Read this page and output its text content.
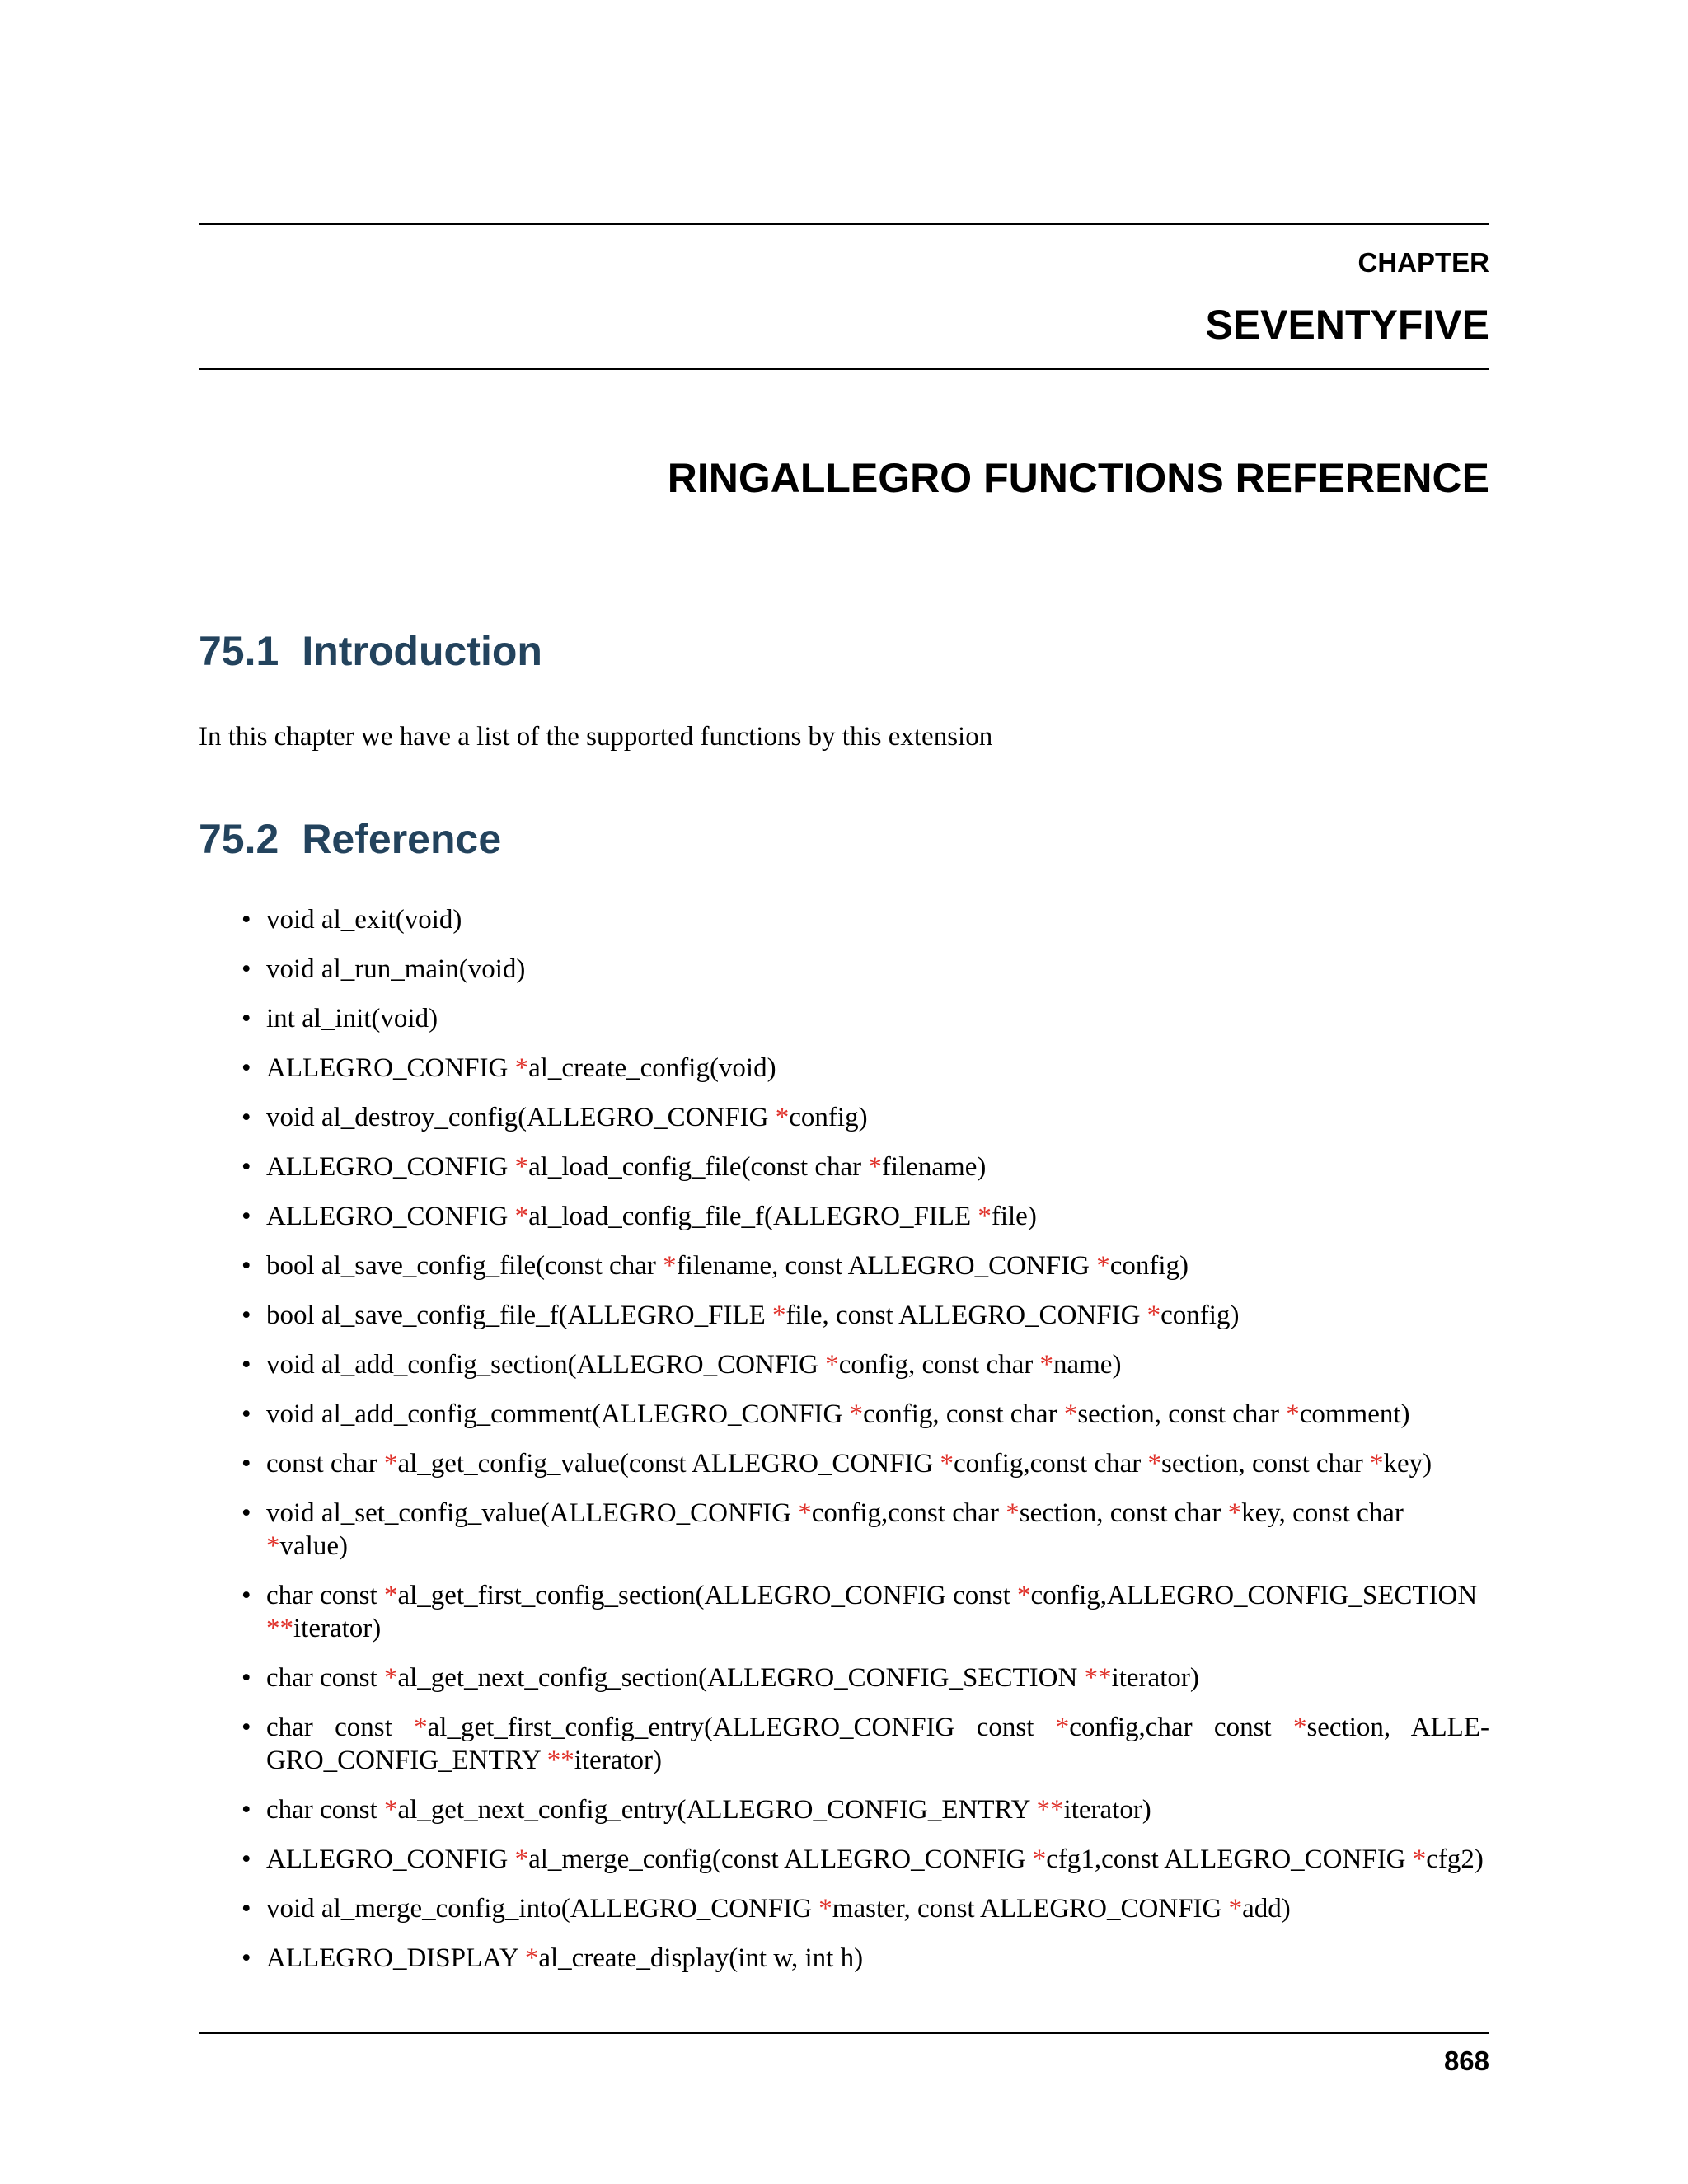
CHAPTER

SEVENTYFIVE

RINGALLEGRO FUNCTIONS REFERENCE
75.1 Introduction

In this chapter we have a list of the supported functions by this extension

75.2 Reference
• void al_exit(void)
• void al_run_main(void)
• int al_init(void)
• ALLEGRO_CONFIG *al_create_config(void)
• void al_destroy_config(ALLEGRO_CONFIG *config)
• ALLEGRO_CONFIG *al_load_config_file(const char *filename)
• ALLEGRO_CONFIG *al_load_config_file_f(ALLEGRO_FILE *file)
• bool al_save_config_file(const char *filename, const ALLEGRO_CONFIG *config)
• bool al_save_config_file_f(ALLEGRO_FILE *file, const ALLEGRO_CONFIG *config)
• void al_add_config_section(ALLEGRO_CONFIG *config, const char *name)
• void al_add_config_comment(ALLEGRO_CONFIG *config, const char *section, const char *comment)
• const char *al_get_config_value(const ALLEGRO_CONFIG *config,const char *section, const char *key)
• void al_set_config_value(ALLEGRO_CONFIG *config,const char *section, const char *key, const char *value)
• char const *al_get_first_config_section(ALLEGRO_CONFIG const *config,ALLEGRO_CONFIG_SECTION **iterator)
• char const *al_get_next_config_section(ALLEGRO_CONFIG_SECTION **iterator)
• char const *al_get_first_config_entry(ALLEGRO_CONFIG const *config,char const *section, ALLE-GRO_CONFIG_ENTRY **iterator)
• char const *al_get_next_config_entry(ALLEGRO_CONFIG_ENTRY **iterator)
• ALLEGRO_CONFIG *al_merge_config(const ALLEGRO_CONFIG *cfg1,const ALLEGRO_CONFIG *cfg2)
• void al_merge_config_into(ALLEGRO_CONFIG *master, const ALLEGRO_CONFIG *add)
• ALLEGRO_DISPLAY *al_create_display(int w, int h)

868
